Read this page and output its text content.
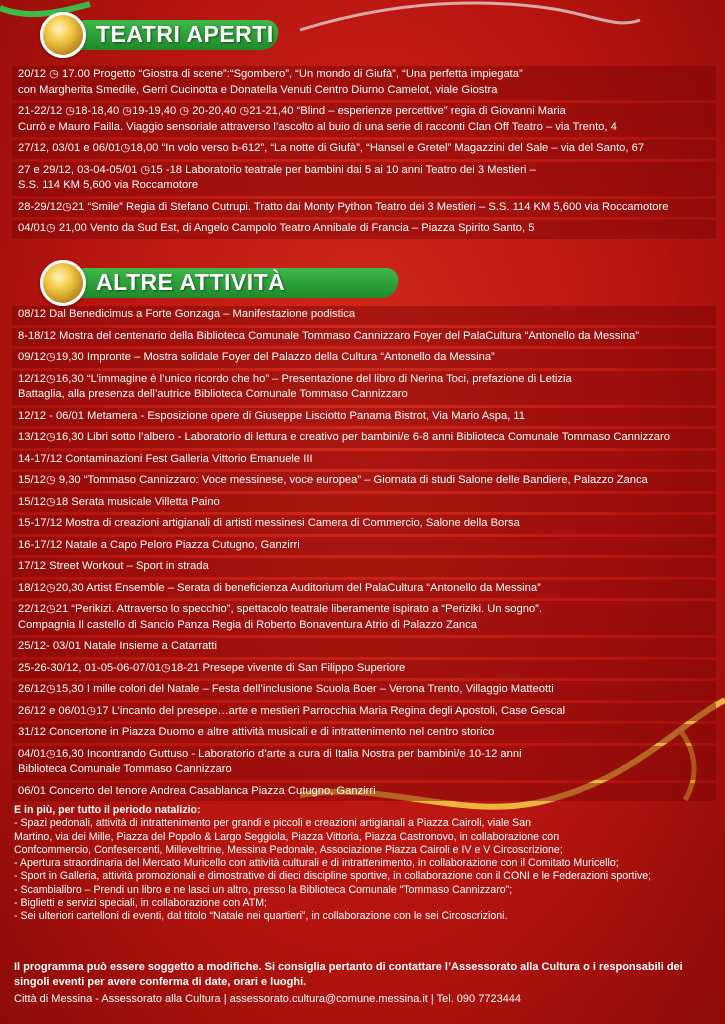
TEATRI APERTI
20/12 ◷ 17.00 Progetto “Giostra di scene”:“Sgombero”, “Un mondo di Giufà”, “Una perfetta impiegata”
con Margherita Smedile, Gerri Cucinotta e Donatella Venuti Centro Diurno Camelot, viale Giostra
21-22/12 ◷18-18,40 ◷19-19,40 ◷ 20-20,40 ◷21-21,40 “Blind – esperienze percettive” regia di Giovanni Maria
Currò e Mauro Failla. Viaggio sensoriale attraverso l’ascolto al buio di una serie di racconti Clan Off Teatro – via Trento, 4
27/12, 03/01 e 06/01◷18,00 “In volo verso b-612”, “La notte di Giufà”, “Hansel e Gretel” Magazzini del Sale – via del Santo, 67
27 e 29/12, 03-04-05/01 ◷15 -18 Laboratorio teatrale per bambini dai 5 ai 10 anni Teatro dei 3 Mestieri –
S.S. 114 KM 5,600 via Roccamotore
28-29/12◷21 “Smile” Regia di Stefano Cutrupi. Tratto dai Monty Python Teatro dei 3 Mestieri – S.S. 114 KM 5,600 via Roccamotore
04/01◷ 21,00 Vento da Sud Est, di Angelo Campolo Teatro Annibale di Francia – Piazza Spirito Santo, 5
ALTRE ATTIVITÀ
08/12 Dal Benedicimus a Forte Gonzaga – Manifestazione podistica
8-18/12 Mostra del centenario della Biblioteca Comunale Tommaso Cannizzaro Foyer del PalaCultura “Antonello da Messina”
09/12◷19,30 Impronte – Mostra solidale Foyer del Palazzo della Cultura “Antonello da Messina”
12/12◷16,30 “L’immagine è l’unico ricordo che ho” – Presentazione del libro di Nerina Toci, prefazione di Letizia
Battaglia, alla presenza dell’autrice Biblioteca Comunale Tommaso Cannizzaro
12/12 - 06/01 Metamera - Esposizione opere di Giuseppe Lisciotto Panama Bistrot, Via Mario Aspa, 11
13/12◷16,30 Libri sotto l’albero - Laboratorio di lettura e creativo per bambini/e 6-8 anni Biblioteca Comunale Tommaso Cannizzaro
14-17/12 Contaminazioni Fest Galleria Vittorio Emanuele III
15/12◷ 9,30 “Tommaso Cannizzaro: Voce messinese, voce europea” – Giornata di studi Salone delle Bandiere, Palazzo Zanca
15/12◷18 Serata musicale Villetta Paino
15-17/12 Mostra di creazioni artigianali di artisti messinesi Camera di Commercio, Salone della Borsa
16-17/12 Natale a Capo Peloro Piazza Cutugno, Ganzirri
17/12 Street Workout – Sport in strada
18/12◷20,30 Artist Ensemble – Serata di beneficienza Auditorium del PalaCultura “Antonello da Messina”
22/12◷21 “Perikizi. Attraverso lo specchio”, spettacolo teatrale liberamente ispirato a “Periziki. Un sogno”.
Compagnia Il castello di Sancio Panza Regia di Roberto Bonaventura Atrio di Palazzo Zanca
25/12- 03/01 Natale Insieme a Catarratti
25-26-30/12, 01-05-06-07/01◷18-21 Presepe vivente di San Filippo Superiore
26/12◷15,30 I mille colori del Natale – Festa dell’inclusione Scuola Boer – Verona Trento, Villaggio Matteotti
26/12 e 06/01◷17 L’incanto del presepe…arte e mestieri Parrocchia Maria Regina degli Apostoli, Case Gescal
31/12 Concertone in Piazza Duomo e altre attività musicali e di intrattenimento nel centro storico
04/01◷16,30 Incontrando Guttuso - Laboratorio d’arte a cura di Italia Nostra per bambini/e 10-12 anni
Biblioteca Comunale Tommaso Cannizzaro
06/01 Concerto del tenore Andrea Casablanca Piazza Cutugno, Ganzirri
E in più, per tutto il periodo natalizio:
- Spazi pedonali, attività di intrattenimento per grandi e piccoli e creazioni artigianali a Piazza Cairoli, viale San
Martino, via dei Mille, Piazza del Popolo & Largo Seggiola, Piazza Vittoria, Piazza Castronovo, in collaborazione con
Confcommercio, Confesercenti, Milleveltrine, Messina Pedonale, Associazione Piazza Cairoli e IV e V Circoscrizione;
- Apertura straordinaria del Mercato Muricello con attività culturali e di intrattenimento, in collaborazione con il Comitato Muricello;
- Sport in Galleria, attività promozionali e dimostrative di dieci discipline sportive, in collaborazione con il CONI e le Federazioni sportive;
- Scambialibro – Prendi un libro e ne lasci un altro, presso la Biblioteca Comunale “Tommaso Cannizzaro”;
- Biglietti e servizi speciali, in collaborazione con ATM;
- Sei ulteriori cartelloni di eventi, dal titolo “Natale nei quartieri”, in collaborazione con le sei Circoscrizioni.
Il programma può essere soggetto a modifiche. Si consiglia pertanto di contattare l’Assessorato alla Cultura o i responsabili dei singoli eventi per avere conferma di date, orari e luoghi.
Città di Messina - Assessorato alla Cultura | assessorato.cultura@comune.messina.it | Tel. 090 7723444
